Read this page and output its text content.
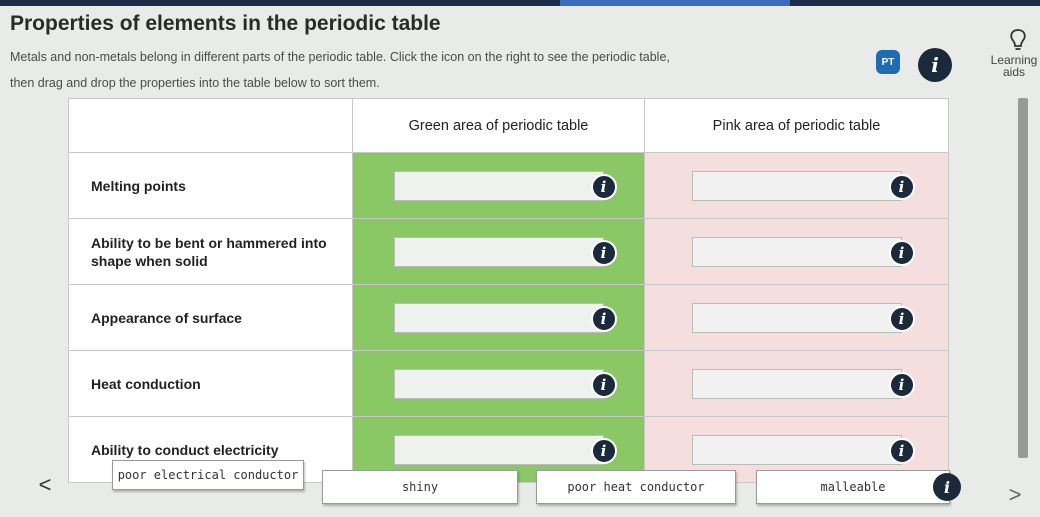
Properties of elements in the periodic table
Metals and non-metals belong in different parts of the periodic table. Click the icon on the right to see the periodic table,
then drag and drop the properties into the table below to sort them.
PT	i	Learning
aids
	Green area of periodic table	Pink area of periodic table
Melting points	i	i

Ability to be bent or hammered into shape when solid	i	i

Appearance of surface	i	i

Heat conduction	i	i

Ability to conduct electricity	i	i
<	poor electrical conductor
shiny	poor heat conductor	malleable	i	>
